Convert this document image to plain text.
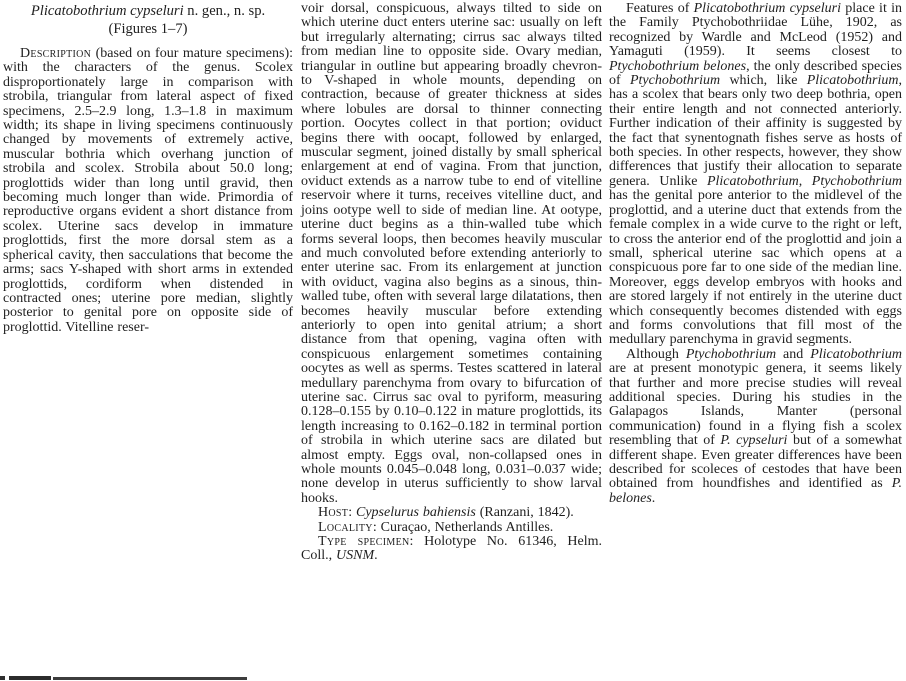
Plicatobothrium cypseluri n. gen., n. sp.
(Figures 1–7)

Description (based on four mature specimens): with the characters of the genus. Scolex disproportionately large in comparison with strobila, triangular from lateral aspect of fixed specimens, 2.5–2.9 long, 1.3–1.8 in maximum width; its shape in living specimens continuously changed by movements of extremely active, muscular bothria which overhang junction of strobila and scolex. Strobila about 50.0 long; proglottids wider than long until gravid, then becoming much longer than wide. Primordia of reproductive organs evident a short distance from scolex. Uterine sacs develop in immature proglottids, first the more dorsal stem as a spherical cavity, then sacculations that become the arms; sacs Y-shaped with short arms in extended proglottids, cordiform when distended in contracted ones; uterine pore median, slightly posterior to genital pore on opposite side of proglottid. Vitelline reser-

voir dorsal, conspicuous, always tilted to side on which uterine duct enters uterine sac: usually on left but irregularly alternating; cirrus sac always tilted from median line to opposite side. Ovary median, triangular in outline but appearing broadly chevron- to V-shaped in whole mounts, depending on contraction, because of greater thickness at sides where lobules are dorsal to thinner connecting portion. Oocytes collect in that portion; oviduct begins there with oocapt, followed by enlarged, muscular segment, joined distally by small spherical enlargement at end of vagina. From that junction, oviduct extends as a narrow tube to end of vitelline reservoir where it turns, receives vitelline duct, and joins ootype well to side of median line. At ootype, uterine duct begins as a thin-walled tube which forms several loops, then becomes heavily muscular and much convoluted before extending anteriorly to enter uterine sac. From its enlargement at junction with oviduct, vagina also begins as a sinous, thin-walled tube, often with several large dilatations, then becomes heavily muscular before extending anteriorly to open into genital atrium; a short distance from that opening, vagina often with conspicuous enlargement sometimes containing oocytes as well as sperms. Testes scattered in lateral medullary parenchyma from ovary to bifurcation of uterine sac. Cirrus sac oval to pyriform, measuring 0.128–0.155 by 0.10–0.122 in mature proglottids, its length increasing to 0.162–0.182 in terminal portion of strobila in which uterine sacs are dilated but almost empty. Eggs oval, non-collapsed ones in whole mounts 0.045–0.048 long, 0.031–0.037 wide; none develop in uterus sufficiently to show larval hooks.

Host: Cypselurus bahiensis (Ranzani, 1842).

Locality: Curaçao, Netherlands Antilles.

Type specimen: Holotype No. 61346, Helm. Coll., USNM.

Features of Plicatobothrium cypseluri place it in the Family Ptychobothriidae Lühe, 1902, as recognized by Wardle and McLeod (1952) and Yamaguti (1959). It seems closest to Ptychobothrium belones, the only described species of Ptychobothrium which, like Plicatobothrium, has a scolex that bears only two deep bothria, open their entire length and not connected anteriorly. Further indication of their affinity is suggested by the fact that synentognath fishes serve as hosts of both species. In other respects, however, they show differences that justify their allocation to separate genera. Unlike Plicatobothrium, Ptychobothrium has the genital pore anterior to the midlevel of the proglottid, and a uterine duct that extends from the female complex in a wide curve to the right or left, to cross the anterior end of the proglottid and join a small, spherical uterine sac which opens at a conspicuous pore far to one side of the median line. Moreover, eggs develop embryos with hooks and are stored largely if not entirely in the uterine duct which consequently becomes distended with eggs and forms convolutions that fill most of the medullary parenchyma in gravid segments.

Although Ptychobothrium and Plicatobothrium are at present monotypic genera, it seems likely that further and more precise studies will reveal additional species. During his studies in the Galapagos Islands, Manter (personal communication) found in a flying fish a scolex resembling that of P. cypseluri but of a somewhat different shape. Even greater differences have been described for scoleces of cestodes that have been obtained from houndfishes and identified as P. belones.
